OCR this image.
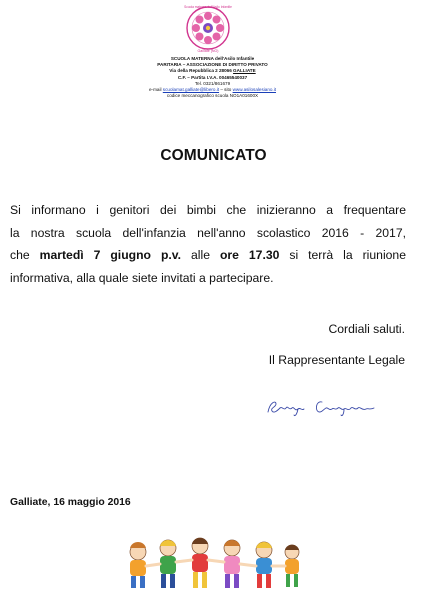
Scuola materna dell'Asilo Infantile
Galliate (NO)
SCUOLA MATERNA dell'Asilo Infantile
PARITARIA – ASSOCIAZIONE DI DIRITTO PRIVATO
Via della Repubblica 2 28066 GALLIATE
C.F. – Partita I.V.A. 00465540037
Tel. 0321/861679
e-mail scuolamat.galliate@libero.it – sito www.asilosalesiano.it
codice meccanografico scuola NO1A01600X
COMUNICATO
Si informano i genitori dei bimbi che inizieranno a frequentare
la nostra scuola dell'infanzia nell'anno scolastico 2016 - 2017,
che martedì 7 giugno p.v. alle ore 17.30 si terrà la riunione
informativa, alla quale siete invitati a partecipare.
Cordiali saluti.
Il Rappresentante Legale
Galliate, 16 maggio 2016
